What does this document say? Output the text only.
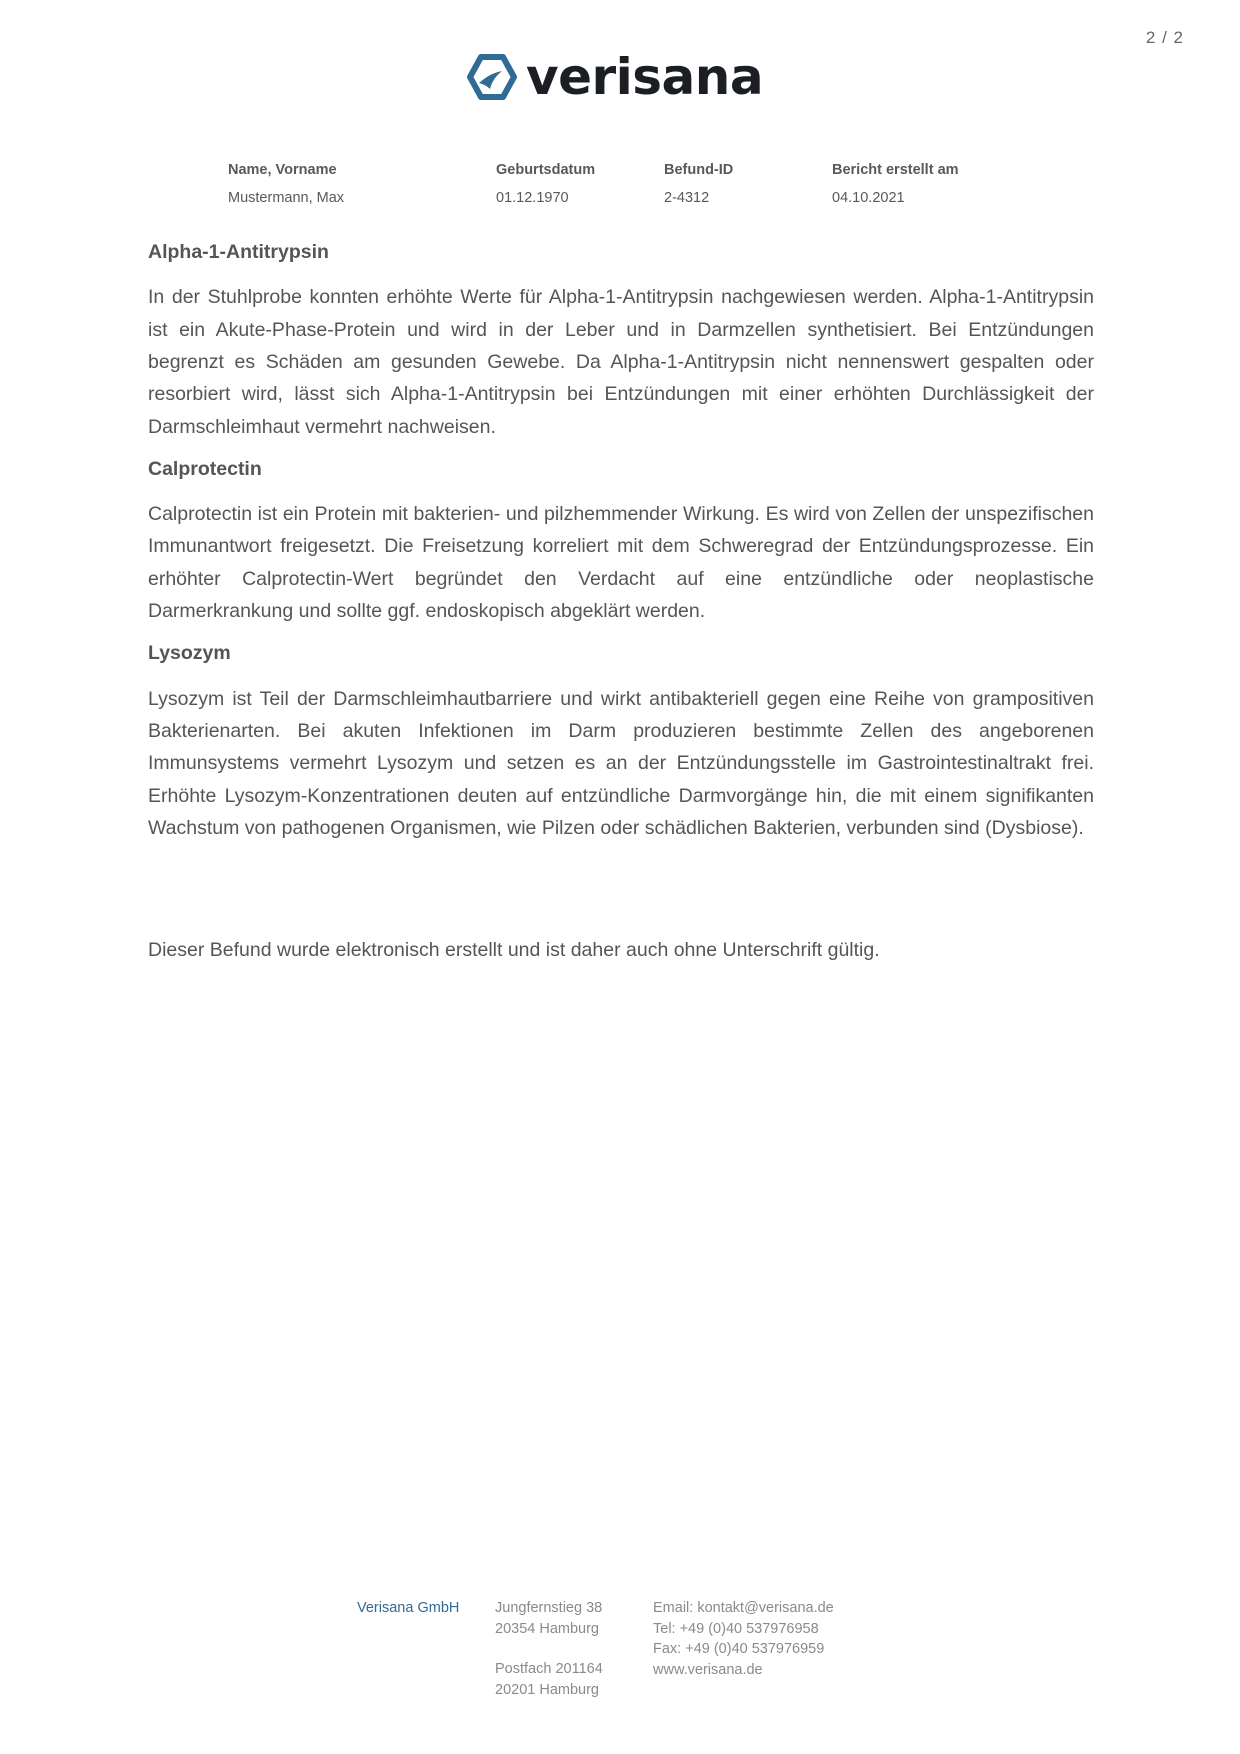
2 / 2
verisana
Name, Vorname
Mustermann, Max
Geburtsdatum
01.12.1970
Befund-ID
2-4312
Bericht erstellt am
04.10.2021
Alpha-1-Antitrypsin

In der Stuhlprobe konnten erhöhte Werte für Alpha-1-Antitrypsin nachgewiesen werden. Alpha-1-Antitrypsin ist ein Akute-Phase-Protein und wird in der Leber und in Darmzellen synthetisiert. Bei Entzündungen begrenzt es Schäden am gesunden Gewebe. Da Alpha-1-Antitrypsin nicht nennenswert gespalten oder resorbiert wird, lässt sich Alpha-1-Antitrypsin bei Entzündungen mit einer erhöhten Durchlässigkeit der Darmschleimhaut vermehrt nachweisen.

Calprotectin

Calprotectin ist ein Protein mit bakterien- und pilzhemmender Wirkung. Es wird von Zellen der unspezifischen Immunantwort freigesetzt. Die Freisetzung korreliert mit dem Schweregrad der Entzündungsprozesse. Ein erhöhter Calprotectin-Wert begründet den Verdacht auf eine entzündliche oder neoplastische Darmerkrankung und sollte ggf. endoskopisch abgeklärt werden.

Lysozym

Lysozym ist Teil der Darmschleimhautbarriere und wirkt antibakteriell gegen eine Reihe von grampositiven Bakterienarten. Bei akuten Infektionen im Darm produzieren bestimmte Zellen des angeborenen Immunsystems vermehrt Lysozym und setzen es an der Entzündungsstelle im Gastrointestinaltrakt frei. Erhöhte Lysozym-Konzentrationen deuten auf entzündliche Darmvorgänge hin, die mit einem signifikanten Wachstum von pathogenen Organismen, wie Pilzen oder schädlichen Bakterien, verbunden sind (Dysbiose).

Dieser Befund wurde elektronisch erstellt und ist daher auch ohne Unterschrift gültig.
Verisana GmbH Jungfernstieg 38
20354 Hamburg
Postfach 201164
20201 Hamburg
Email: kontakt@verisana.de
Tel: +49 (0)40 537976958
Fax: +49 (0)40 537976959
www.verisana.de
